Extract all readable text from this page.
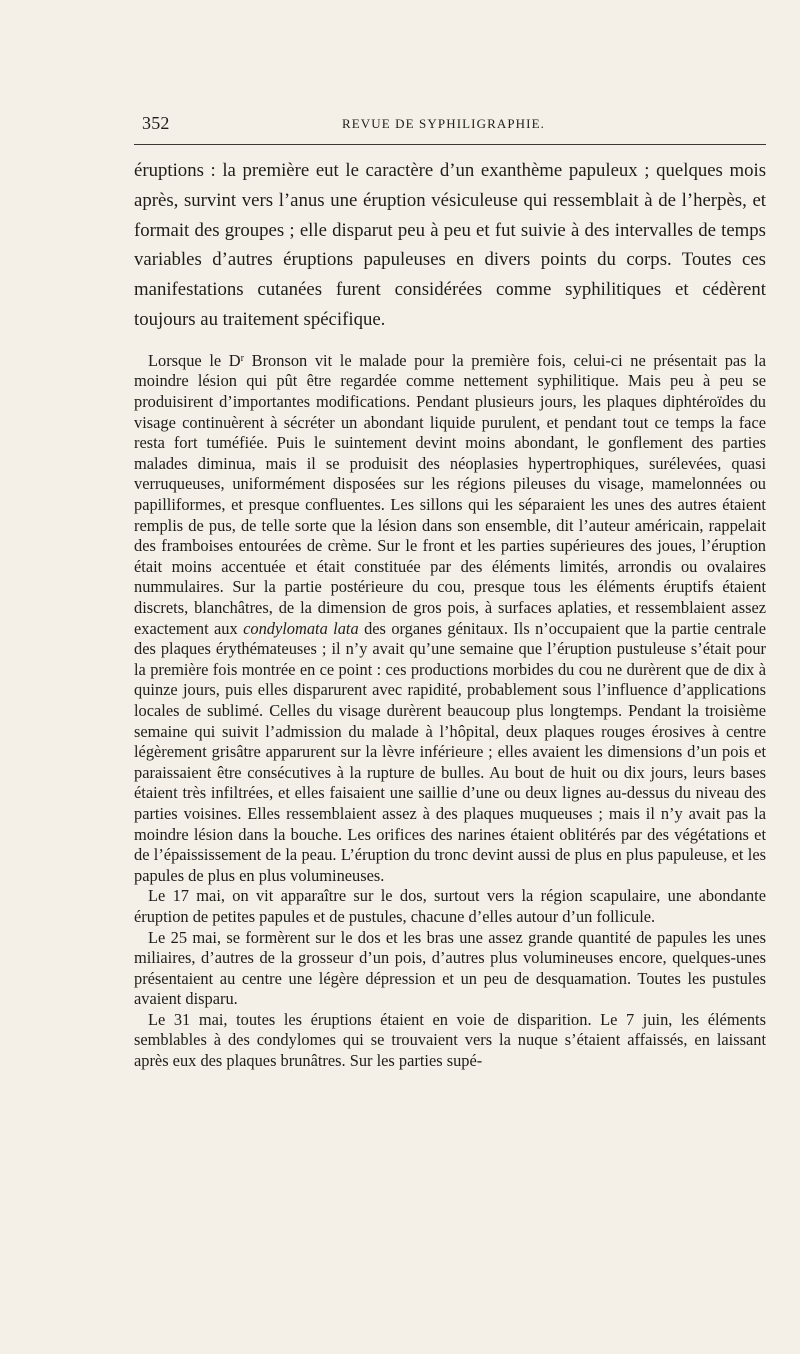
352	REVUE DE SYPHILIGRAPHIE.

éruptions : la première eut le caractère d’un exanthème papuleux ; quelques mois après, survint vers l’anus une éruption vésiculeuse qui ressemblait à de l’herpès, et formait des groupes ; elle disparut peu à peu et fut suivie à des intervalles de temps variables d’autres éruptions papuleuses en divers points du corps. Toutes ces manifestations cutanées furent considérées comme syphilitiques et cédèrent toujours au traitement spécifique.

Lorsque le $D^r$ Bronson vit le malade pour la première fois, celui-ci ne présentait pas la moindre lésion qui pût être regardée comme nettement syphilitique. Mais peu à peu se produisirent d’importantes modifications. Pendant plusieurs jours, les plaques diphtéroïdes du visage continuèrent à sécréter un abondant liquide purulent, et pendant tout ce temps la face resta fort tuméfiée. Puis le suintement devint moins abondant, le gonflement des parties malades diminua, mais il se produisit des néoplasies hypertrophiques, surélevées, quasi verruqueuses, uniformément disposées sur les régions pileuses du visage, mamelonnées ou papilliformes, et presque confluentes. Les sillons qui les séparaient les unes des autres étaient remplis de pus, de telle sorte que la lésion dans son ensemble, dit l’auteur américain, rappelait des framboises entourées de crème. Sur le front et les parties supérieures des joues, l’éruption était moins accentuée et était constituée par des éléments limités, arrondis ou ovalaires nummulaires. Sur la partie postérieure du cou, presque tous les éléments éruptifs étaient discrets, blanchâtres, de la dimension de gros pois, à surfaces aplaties, et ressemblaient assez exactement aux condylomata lata des organes génitaux. Ils n’occupaient que la partie centrale des plaques érythémateuses ; il n’y avait qu’une semaine que l’éruption pustuleuse s’était pour la première fois montrée en ce point : ces productions morbides du cou ne durèrent que de dix à quinze jours, puis elles disparurent avec rapidité, probablement sous l’influence d’applications locales de sublimé. Celles du visage durèrent beaucoup plus longtemps. Pendant la troisième semaine qui suivit l’admission du malade à l’hôpital, deux plaques rouges érosives à centre légèrement grisâtre apparurent sur la lèvre inférieure ; elles avaient les dimensions d’un pois et paraissaient être consécutives à la rupture de bulles. Au bout de huit ou dix jours, leurs bases étaient très infiltrées, et elles faisaient une saillie d’une ou deux lignes au-dessus du niveau des parties voisines. Elles ressemblaient assez à des plaques muqueuses ; mais il n’y avait pas la moindre lésion dans la bouche. Les orifices des narines étaient oblitérés par des végétations et de l’épaississement de la peau. L’éruption du tronc devint aussi de plus en plus papuleuse, et les papules de plus en plus volumineuses.

Le 17 mai, on vit apparaître sur le dos, surtout vers la région scapulaire, une abondante éruption de petites papules et de pustules, chacune d’elles autour d’un follicule.

Le 25 mai, se formèrent sur le dos et les bras une assez grande quantité de papules les unes miliaires, d’autres de la grosseur d’un pois, d’autres plus volumineuses encore, quelques-unes présentaient au centre une légère dépression et un peu de desquamation. Toutes les pustules avaient disparu.

Le 31 mai, toutes les éruptions étaient en voie de disparition. Le 7 juin, les éléments semblables à des condylomes qui se trouvaient vers la nuque s’étaient affaissés, en laissant après eux des plaques brunâtres. Sur les parties supé-
